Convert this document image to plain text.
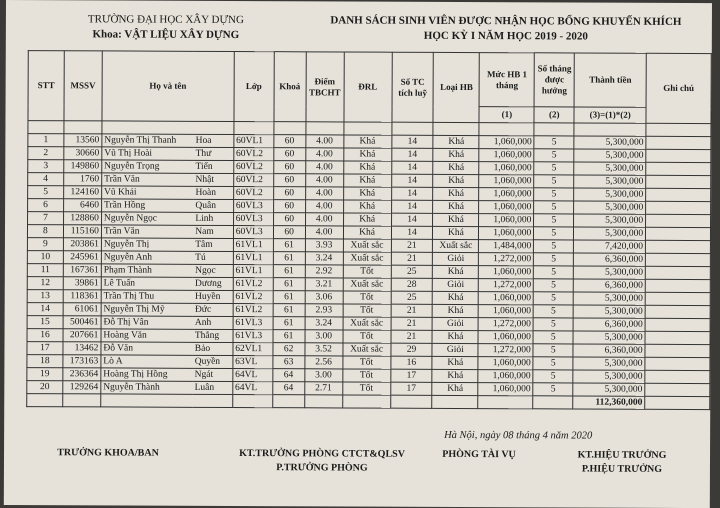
TRƯỜNG ĐẠI HỌC XÂY DỰNG
Khoa: VẬT LIỆU XÂY DỰNG
DANH SÁCH SINH VIÊN ĐƯỢC NHẬN HỌC BỔNG KHUYẾN KHÍCH
HỌC KỲ I NĂM HỌC 2019 - 2020
STT	MSSV	Họ và tên		Lớp	Khoá	Điểm TBCHT	ĐRL	Số TC tích luỹ	Loại HB	Mức HB 1 tháng	Số tháng được hưởng	Thành tiền	Ghi chú
										(1)	(2)	(3)=(1)*(2)	

1	13560	Nguyễn Thị Thanh	Hoa	60VL1	60	4.00	Khá	14	Khá	1,060,000	5	5,300,000	
2	30660	Vũ Thị Hoài	Thư	60VL2	60	4.00	Khá	14	Khá	1,060,000	5	5,300,000	
3	149860	Nguyễn Trọng	Tiến	60VL2	60	4.00	Khá	14	Khá	1,060,000	5	5,300,000	
4	1760	Trần Văn	Nhật	60VL2	60	4.00	Khá	14	Khá	1,060,000	5	5,300,000	
5	124160	Vũ Khải	Hoàn	60VL2	60	4.00	Khá	14	Khá	1,060,000	5	5,300,000	
6	6460	Trần Hồng	Quân	60VL3	60	4.00	Khá	14	Khá	1,060,000	5	5,300,000	
7	128860	Nguyễn Ngọc	Linh	60VL3	60	4.00	Khá	14	Khá	1,060,000	5	5,300,000	
8	115160	Trần Văn	Nam	60VL3	60	4.00	Khá	14	Khá	1,060,000	5	5,300,000	
9	203861	Nguyễn Thị	Tâm	61VL1	61	3.93	Xuất sắc	21	Xuất sắc	1,484,000	5	7,420,000	
10	245961	Nguyễn Anh	Tú	61VL1	61	3.24	Xuất sắc	21	Giỏi	1,272,000	5	6,360,000	
11	167361	Phạm Thành	Ngọc	61VL1	61	2.92	Tốt	25	Khá	1,060,000	5	5,300,000	
12	39861	Lê Tuấn	Dương	61VL2	61	3.21	Xuất sắc	28	Giỏi	1,272,000	5	6,360,000	
13	118361	Trần Thị Thu	Huyền	61VL2	61	3.06	Tốt	25	Khá	1,060,000	5	5,300,000	
14	61061	Nguyễn Thị Mỹ	Đức	61VL2	61	2.93	Tốt	21	Khá	1,060,000	5	5,300,000	
15	500461	Đỗ Thị Vân	Anh	61VL3	61	3.24	Xuất sắc	21	Giỏi	1,272,000	5	6,360,000	
16	207661	Hoàng Văn	Thắng	61VL3	61	3.00	Tốt	21	Khá	1,060,000	5	5,300,000	
17	13462	Đỗ Văn	Bảo	62VL1	62	3.52	Xuất sắc	29	Giỏi	1,272,000	5	6,360,000	
18	173163	Lò A	Quyền	63VL	63	2.56	Tốt	16	Khá	1,060,000	5	5,300,000	
19	236364	Hoàng Thị Hồng	Ngát	64VL	64	3.00	Tốt	17	Khá	1,060,000	5	5,300,000	
20	129264	Nguyễn Thành	Luân	64VL	64	2.71	Tốt	17	Khá	1,060,000	5	5,300,000	
												112,360,000	
Hà Nội, ngày 08 tháng 4 năm 2020
TRƯỞNG KHOA/BAN	KT.TRƯỞNG PHÒNG CTCT&QLSV
P.TRƯỞNG PHÒNG
PHÒNG TÀI VỤ	KT.HIỆU TRƯỞNG
P.HIỆU TRƯỞNG
